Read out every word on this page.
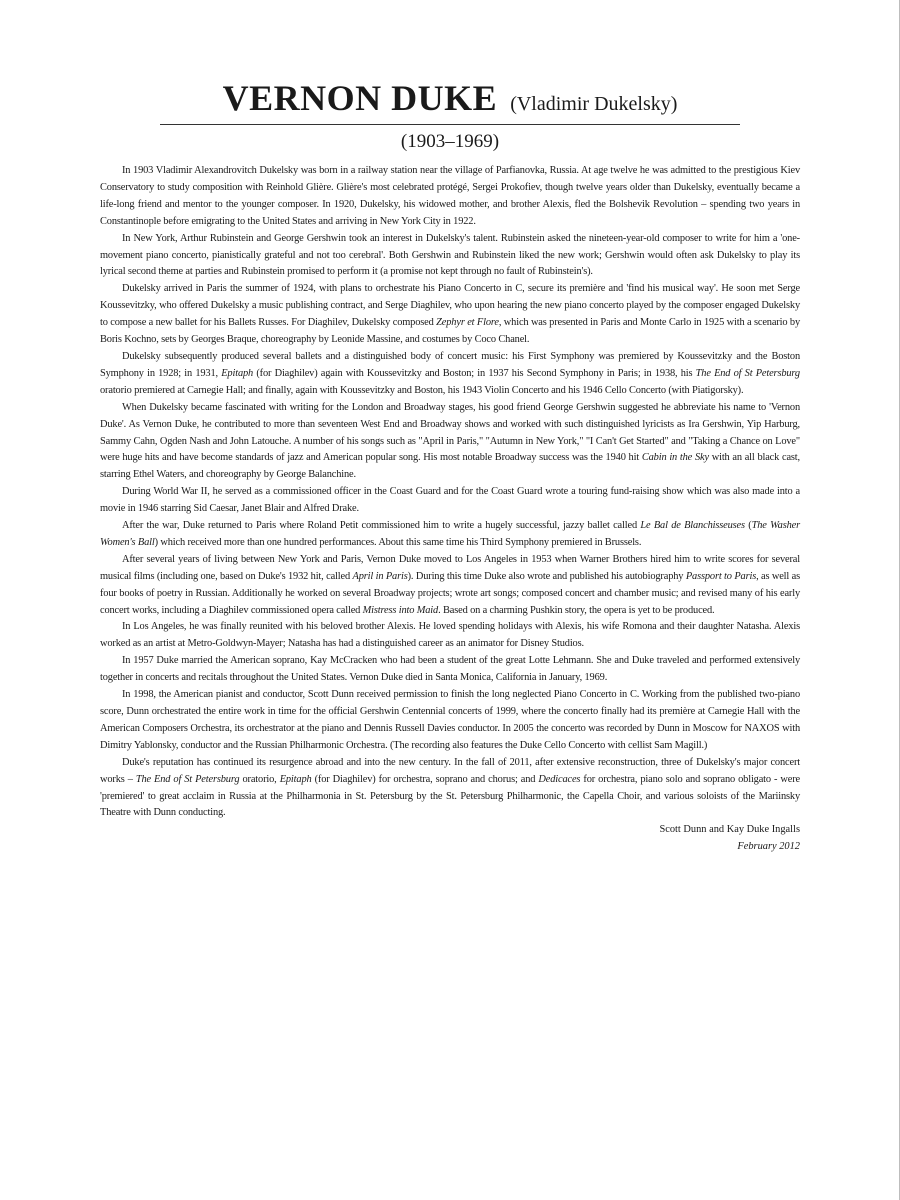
VERNON DUKE (Vladimir Dukelsky)
(1903–1969)

In 1903 Vladimir Alexandrovitch Dukelsky was born in a railway station near the village of Parfianovka, Russia. At age twelve he was admitted to the prestigious Kiev Conservatory to study composition with Reinhold Glière. Glière's most celebrated protégé, Sergei Prokofiev, though twelve years older than Dukelsky, eventually became a life-long friend and mentor to the younger composer. In 1920, Dukelsky, his widowed mother, and brother Alexis, fled the Bolshevik Revolution – spending two years in Constantinople before emigrating to the United States and arriving in New York City in 1922.

In New York, Arthur Rubinstein and George Gershwin took an interest in Dukelsky's talent. Rubinstein asked the nineteen-year-old composer to write for him a 'one-movement piano concerto, pianistically grateful and not too cerebral'. Both Gershwin and Rubinstein liked the new work; Gershwin would often ask Dukelsky to play its lyrical second theme at parties and Rubinstein promised to perform it (a promise not kept through no fault of Rubinstein's).

Dukelsky arrived in Paris the summer of 1924, with plans to orchestrate his Piano Concerto in C, secure its première and 'find his musical way'. He soon met Serge Koussevitzky, who offered Dukelsky a music publishing contract, and Serge Diaghilev, who upon hearing the new piano concerto played by the composer engaged Dukelsky to compose a new ballet for his Ballets Russes. For Diaghilev, Dukelsky composed Zephyr et Flore, which was presented in Paris and Monte Carlo in 1925 with a scenario by Boris Kochno, sets by Georges Braque, choreography by Leonide Massine, and costumes by Coco Chanel.

Dukelsky subsequently produced several ballets and a distinguished body of concert music: his First Symphony was premiered by Koussevitzky and the Boston Symphony in 1928; in 1931, Epitaph (for Diaghilev) again with Koussevitzky and Boston; in 1937 his Second Symphony in Paris; in 1938, his The End of St Petersburg oratorio premiered at Carnegie Hall; and finally, again with Koussevitzky and Boston, his 1943 Violin Concerto and his 1946 Cello Concerto (with Piatigorsky).

When Dukelsky became fascinated with writing for the London and Broadway stages, his good friend George Gershwin suggested he abbreviate his name to 'Vernon Duke'. As Vernon Duke, he contributed to more than seventeen West End and Broadway shows and worked with such distinguished lyricists as Ira Gershwin, Yip Harburg, Sammy Cahn, Ogden Nash and John Latouche. A number of his songs such as "April in Paris," "Autumn in New York," "I Can't Get Started" and "Taking a Chance on Love" were huge hits and have become standards of jazz and American popular song. His most notable Broadway success was the 1940 hit Cabin in the Sky with an all black cast, starring Ethel Waters, and choreography by George Balanchine.

During World War II, he served as a commissioned officer in the Coast Guard and for the Coast Guard wrote a touring fund-raising show which was also made into a movie in 1946 starring Sid Caesar, Janet Blair and Alfred Drake.

After the war, Duke returned to Paris where Roland Petit commissioned him to write a hugely successful, jazzy ballet called Le Bal de Blanchisseuses (The Washer Women's Ball) which received more than one hundred performances. About this same time his Third Symphony premiered in Brussels.

After several years of living between New York and Paris, Vernon Duke moved to Los Angeles in 1953 when Warner Brothers hired him to write scores for several musical films (including one, based on Duke's 1932 hit, called April in Paris). During this time Duke also wrote and published his autobiography Passport to Paris, as well as four books of poetry in Russian. Additionally he worked on several Broadway projects; wrote art songs; composed concert and chamber music; and revised many of his early concert works, including a Diaghilev commissioned opera called Mistress into Maid. Based on a charming Pushkin story, the opera is yet to be produced.

In Los Angeles, he was finally reunited with his beloved brother Alexis. He loved spending holidays with Alexis, his wife Romona and their daughter Natasha. Alexis worked as an artist at Metro-Goldwyn-Mayer; Natasha has had a distinguished career as an animator for Disney Studios.

In 1957 Duke married the American soprano, Kay McCracken who had been a student of the great Lotte Lehmann. She and Duke traveled and performed extensively together in concerts and recitals throughout the United States. Vernon Duke died in Santa Monica, California in January, 1969.

In 1998, the American pianist and conductor, Scott Dunn received permission to finish the long neglected Piano Concerto in C. Working from the published two-piano score, Dunn orchestrated the entire work in time for the official Gershwin Centennial concerts of 1999, where the concerto finally had its première at Carnegie Hall with the American Composers Orchestra, its orchestrator at the piano and Dennis Russell Davies conductor. In 2005 the concerto was recorded by Dunn in Moscow for NAXOS with Dimitry Yablonsky, conductor and the Russian Philharmonic Orchestra. (The recording also features the Duke Cello Concerto with cellist Sam Magill.)

Duke's reputation has continued its resurgence abroad and into the new century. In the fall of 2011, after extensive reconstruction, three of Dukelsky's major concert works – The End of St Petersburg oratorio, Epitaph (for Diaghilev) for orchestra, soprano and chorus; and Dedicaces for orchestra, piano solo and soprano obligato - were 'premiered' to great acclaim in Russia at the Philharmonia in St. Petersburg by the St. Petersburg Philharmonic, the Capella Choir, and various soloists of the Mariinsky Theatre with Dunn conducting.

Scott Dunn and Kay Duke Ingalls
February 2012
